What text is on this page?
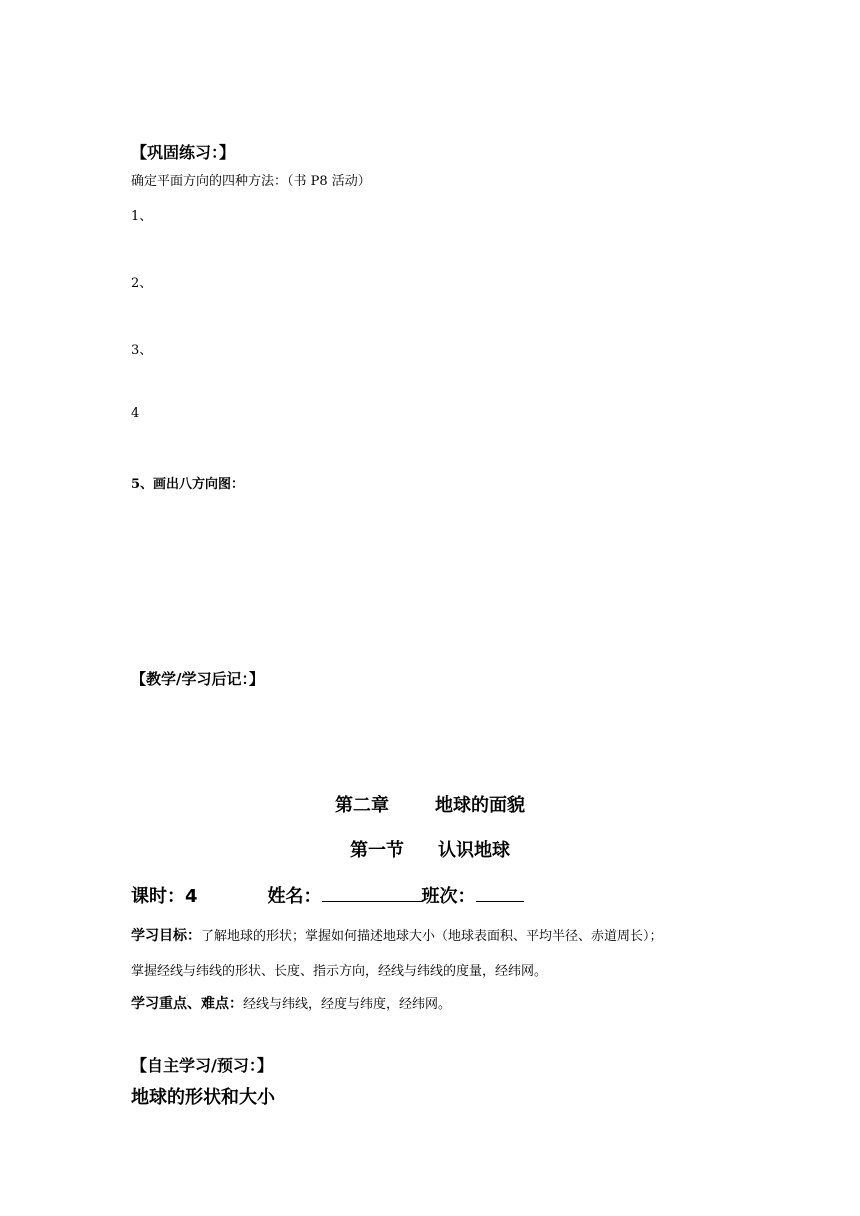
【巩固练习：】
确定平面方向的四种方法：（书 P8 活动）
1、
2、
3、
4
5、画出八方向图：
【教学/学习后记：】
第二章	地球的面貌
第一节 认识地球
课时：4	姓名：	班次：
学习目标：了解地球的形状；掌握如何描述地球大小（地球表面积、平均半径、赤道周长）；
掌握经线与纬线的形状、长度、指示方向，经线与纬线的度量，经纬网。
学习重点、难点：经线与纬线，经度与纬度，经纬网。
【自主学习/预习：】
地球的形状和大小
